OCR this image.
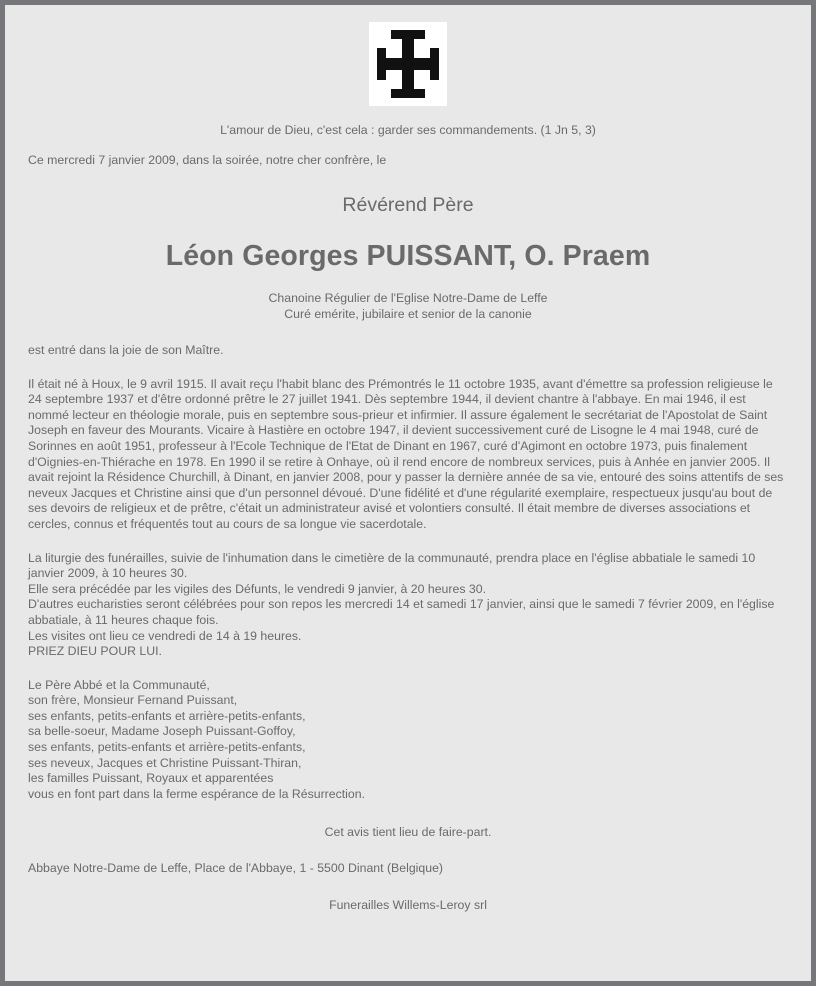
L'amour de Dieu, c'est cela : garder ses commandements. (1 Jn 5, 3)
Ce mercredi 7 janvier 2009, dans la soirée, notre cher confrère, le
Révérend Père
Léon Georges PUISSANT, O. Praem
Chanoine Régulier de l'Eglise Notre-Dame de Leffe
Curé emérite, jubilaire et senior de la canonie
est entré dans la joie de son Maître.
Il était né à Houx, le 9 avril 1915. Il avait reçu l'habit blanc des Prémontrés le 11 octobre 1935, avant d'émettre sa profession religieuse le 24 septembre 1937 et d'être ordonné prêtre le 27 juillet 1941. Dès septembre 1944, il devient chantre à l'abbaye. En mai 1946, il est nommé lecteur en théologie morale, puis en septembre sous-prieur et infirmier. Il assure également le secrétariat de l'Apostolat de Saint Joseph en faveur des Mourants. Vicaire à Hastière en octobre 1947, il devient successivement curé de Lisogne le 4 mai 1948, curé de Sorinnes en août 1951, professeur à l'Ecole Technique de l'Etat de Dinant en 1967, curé d'Agimont en octobre 1973, puis finalement d'Oignies-en-Thiérache en 1978. En 1990 il se retire à Onhaye, où il rend encore de nombreux services, puis à Anhée en janvier 2005. Il avait rejoint la Résidence Churchill, à Dinant, en janvier 2008, pour y passer la dernière année de sa vie, entouré des soins attentifs de ses neveux Jacques et Christine ainsi que d'un personnel dévoué. D'une fidélité et d'une régularité exemplaire, respectueux jusqu'au bout de ses devoirs de religieux et de prêtre, c'était un administrateur avisé et volontiers consulté. Il était membre de diverses associations et cercles, connus et fréquentés tout au cours de sa longue vie sacerdotale.
La liturgie des funérailles, suivie de l'inhumation dans le cimetière de la communauté, prendra place en l'église abbatiale le samedi 10 janvier 2009, à 10 heures 30.
Elle sera précédée par les vigiles des Défunts, le vendredi 9 janvier, à 20 heures 30.
D'autres eucharisties seront célébrées pour son repos les mercredi 14 et samedi 17 janvier, ainsi que le samedi 7 février 2009, en l'église abbatiale, à 11 heures chaque fois.
Les visites ont lieu ce vendredi de 14 à 19 heures.
PRIEZ DIEU POUR LUI.
Le Père Abbé et la Communauté,
son frère, Monsieur Fernand Puissant,
ses enfants, petits-enfants et arrière-petits-enfants,
sa belle-soeur, Madame Joseph Puissant-Goffoy,
ses enfants, petits-enfants et arrière-petits-enfants,
ses neveux, Jacques et Christine Puissant-Thiran,
les familles Puissant, Royaux et apparentées
vous en font part dans la ferme espérance de la Résurrection.
Cet avis tient lieu de faire-part.
Abbaye Notre-Dame de Leffe, Place de l'Abbaye, 1 - 5500 Dinant (Belgique)
Funerailles Willems-Leroy srl
